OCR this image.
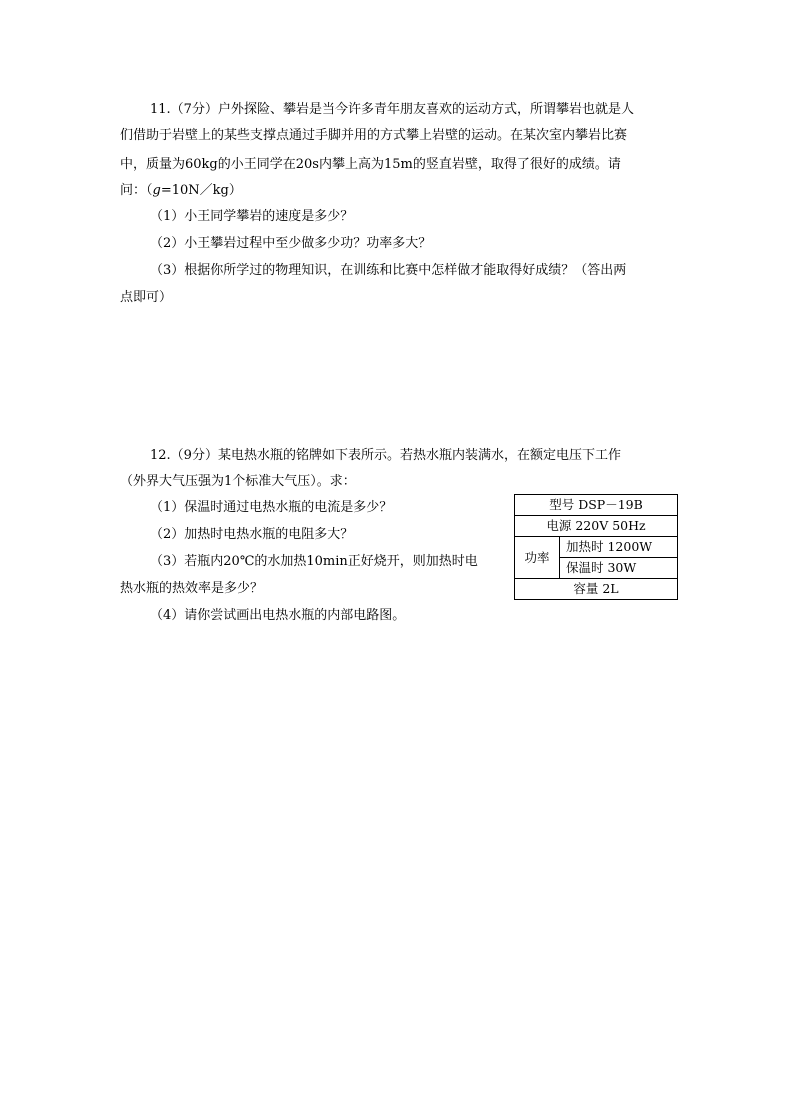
11.（7分）户外探险、攀岩是当今许多青年朋友喜欢的运动方式，所谓攀岩也就是人
们借助于岩壁上的某些支撑点通过手脚并用的方式攀上岩壁的运动。在某次室内攀岩比赛
中，质量为60kg的小王同学在20s内攀上高为15m的竖直岩壁，取得了很好的成绩。请
问：（g=10N／kg）
（1）小王同学攀岩的速度是多少？
（2）小王攀岩过程中至少做多少功？功率多大？
（3）根据你所学过的物理知识，在训练和比赛中怎样做才能取得好成绩？（答出两
点即可）
12.（9分）某电热水瓶的铭牌如下表所示。若热水瓶内装满水，在额定电压下工作
（外界大气压强为1个标准大气压）。求：
（1）保温时通过电热水瓶的电流是多少？
（2）加热时电热水瓶的电阻多大？
（3）若瓶内20℃的水加热10min正好烧开，则加热时电
热水瓶的热效率是多少？
（4）请你尝试画出电热水瓶的内部电路图。
型号 DSP－19B
电源 220V 50Hz
功率	加热时 1200W
保温时 30W
容量 2L
